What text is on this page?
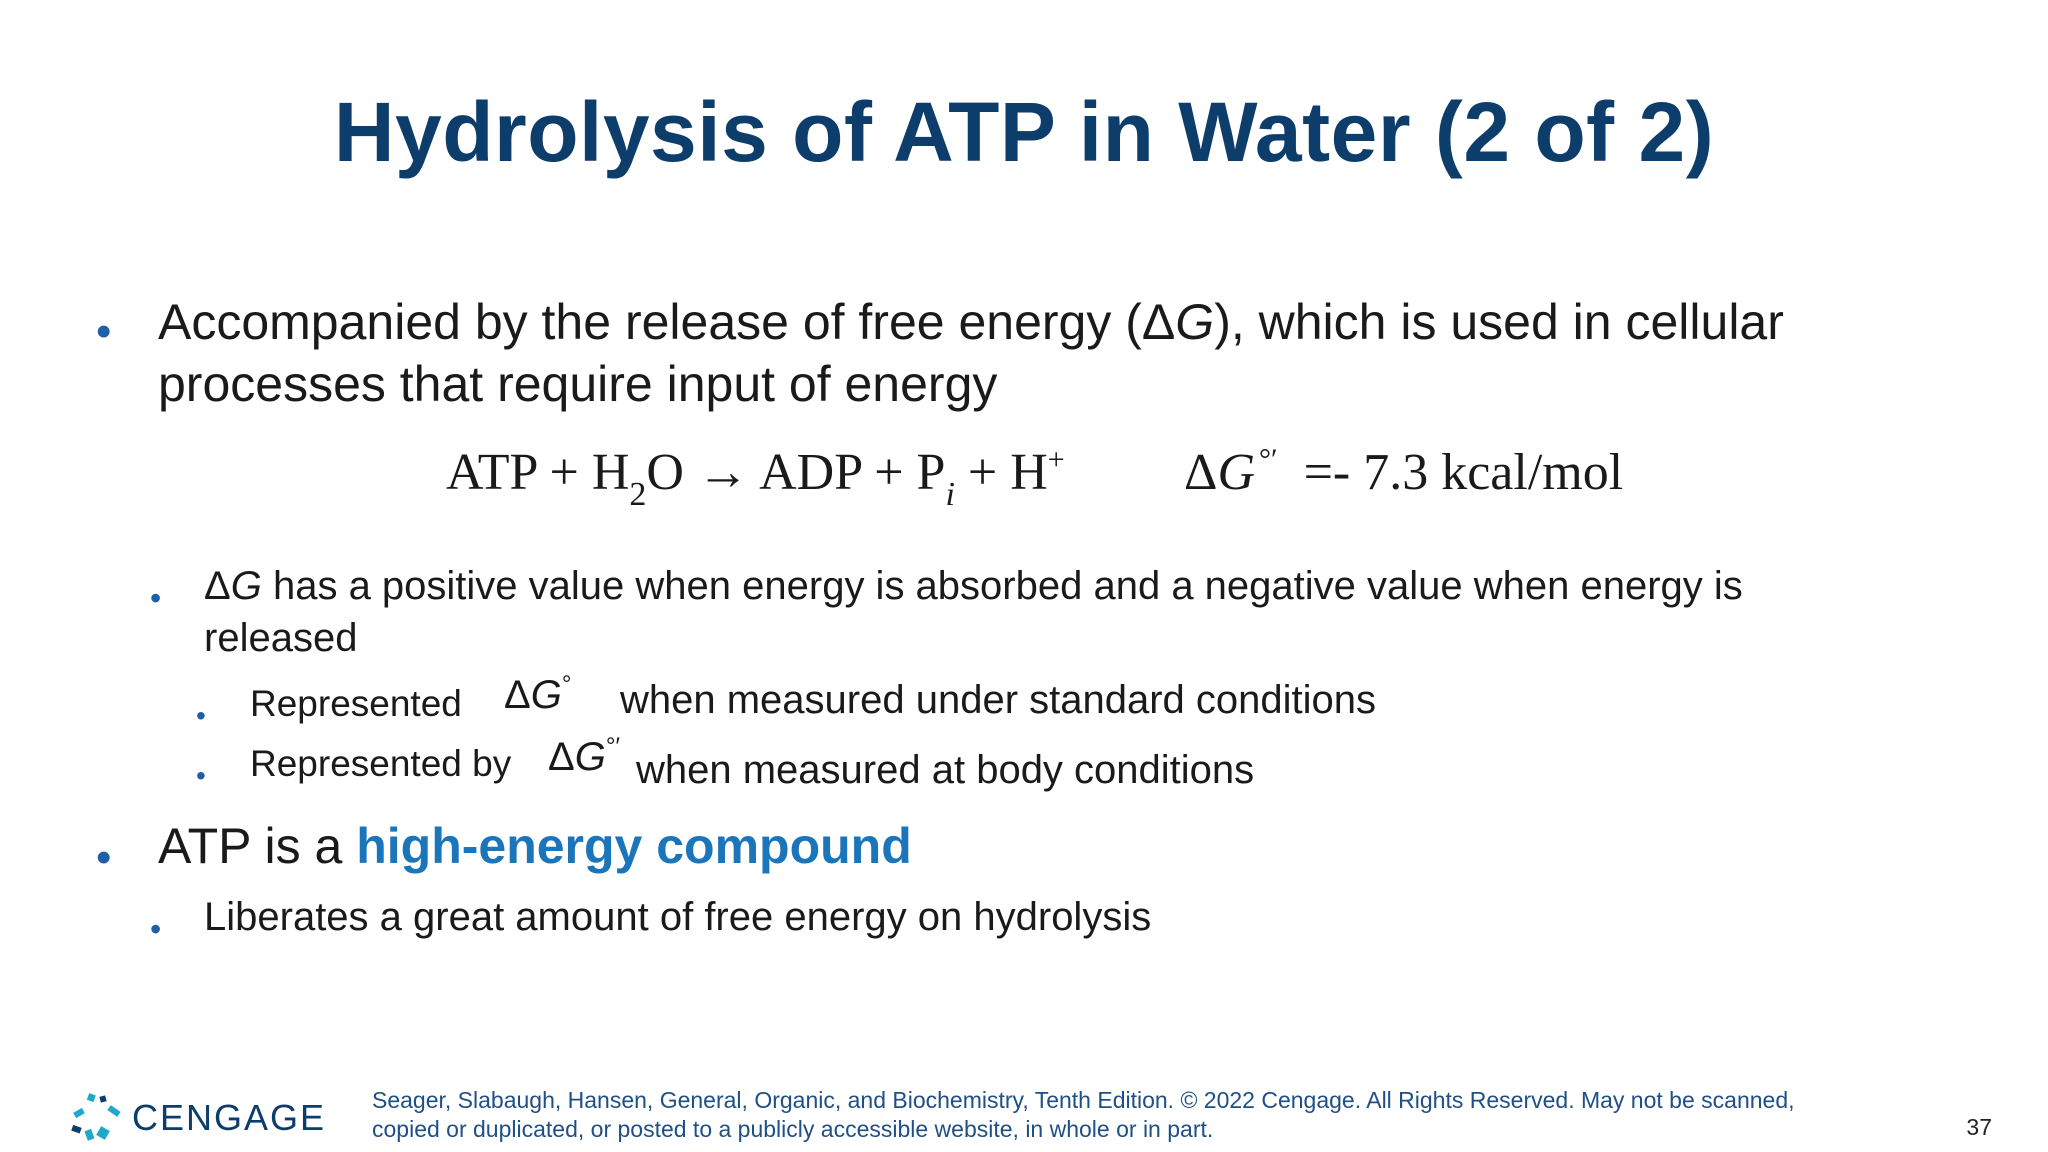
Hydrolysis of ATP in Water (2 of 2)
• Accompanied by the release of free energy (ΔG), which is used in cellular
processes that require input of energy
ATP + $H_2O$ → ADP + $P_i + H^+$ ΔG °′ =- 7.3 kcal/mol
• ΔG has a positive value when energy is absorbed and a negative value when energy is
released
• Represented ΔG° when measured under standard conditions
• Represented by ΔG°′
when measured at body conditions
• ATP is a high-energy compound
• Liberates a great amount of free energy on hydrolysis
CENGAGE Seager, Slabaugh, Hansen, General, Organic, and Biochemistry, Tenth Edition. © 2022 Cengage. All Rights Reserved. May not be scanned,
copied or duplicated, or posted to a publicly accessible website, in whole or in part.	37
